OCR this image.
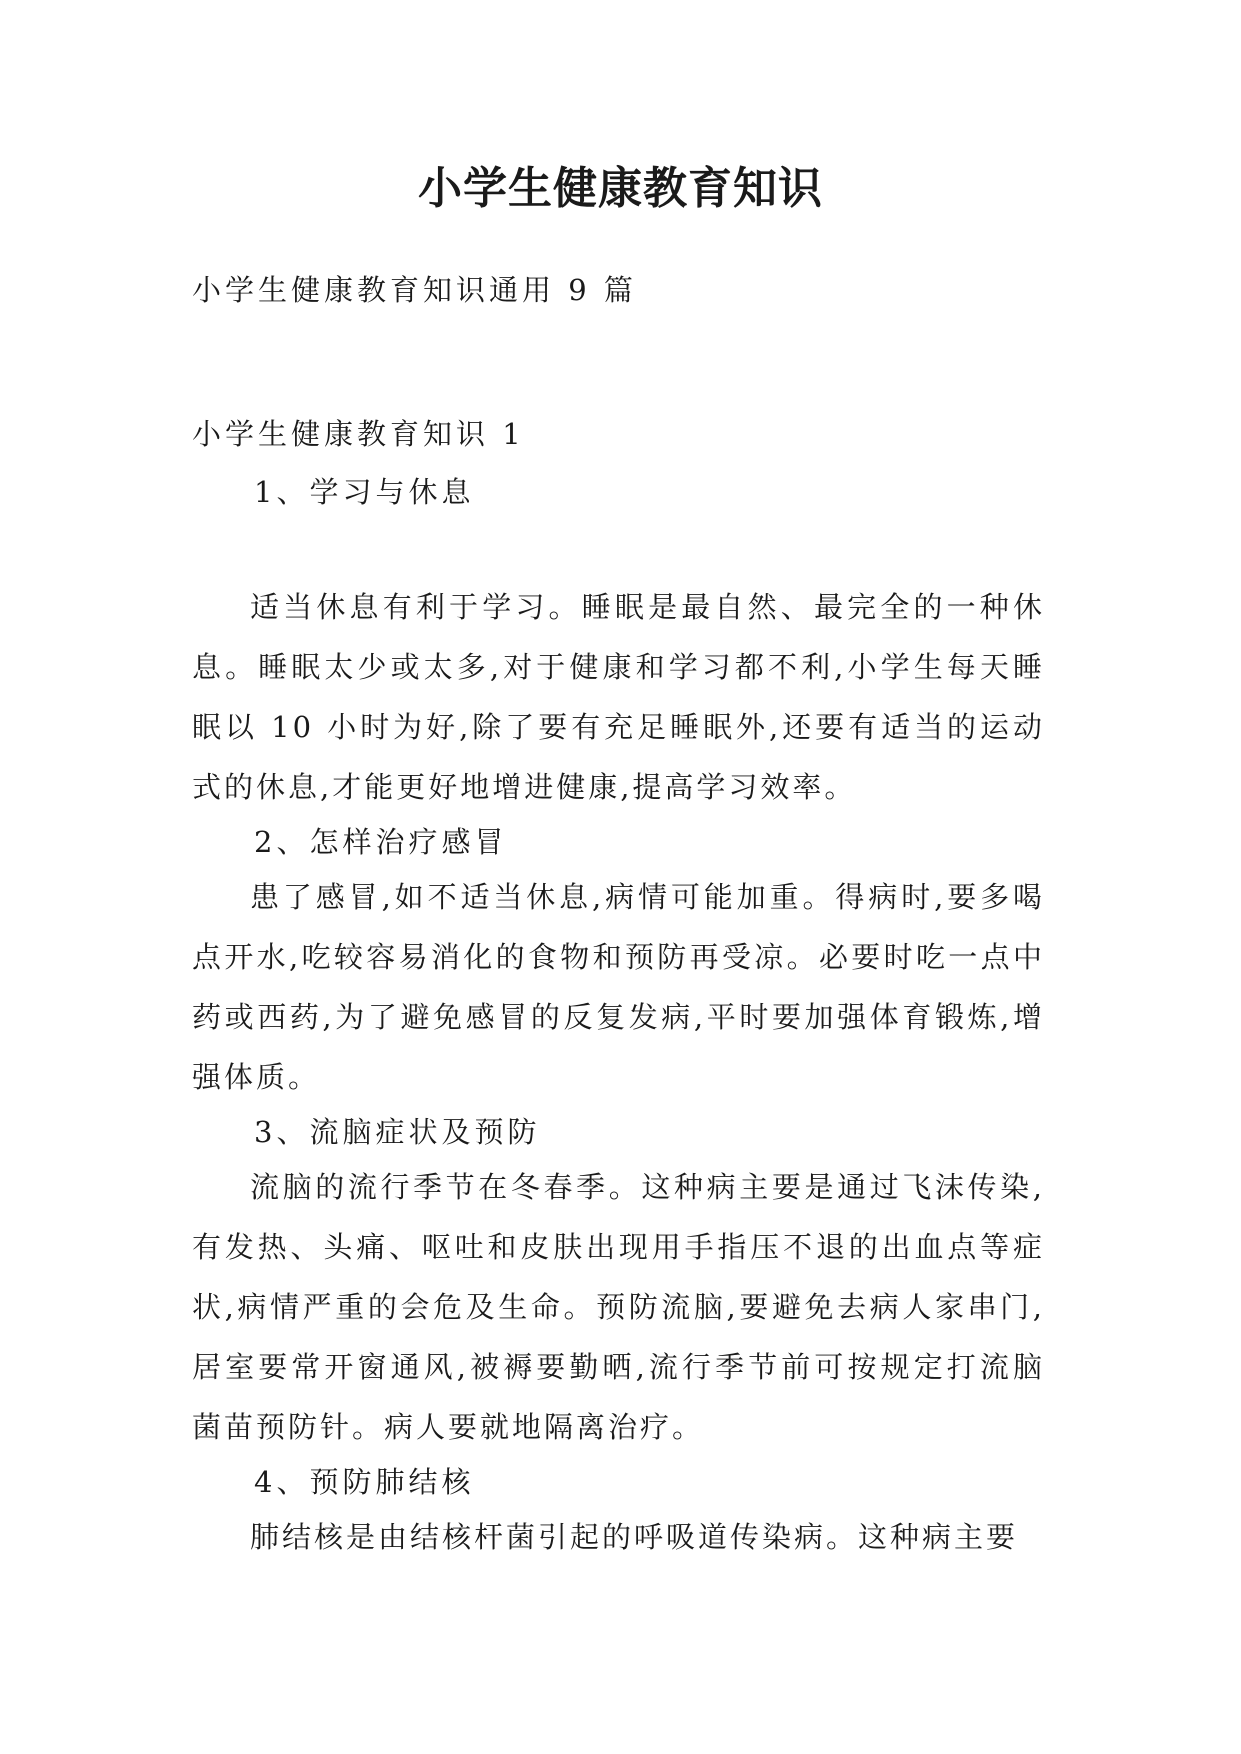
小学生健康教育知识

小学生健康教育知识通用 9 篇

小学生健康教育知识 1

1、学习与休息

适当休息有利于学习。睡眠是最自然、最完全的一种休息。睡眠太少或太多,对于健康和学习都不利,小学生每天睡眠以 10 小时为好,除了要有充足睡眠外,还要有适当的运动式的休息,才能更好地增进健康,提高学习效率。

2、怎样治疗感冒

患了感冒,如不适当休息,病情可能加重。得病时,要多喝点开水,吃较容易消化的食物和预防再受凉。必要时吃一点中药或西药,为了避免感冒的反复发病,平时要加强体育锻炼,增强体质。

3、流脑症状及预防

流脑的流行季节在冬春季。这种病主要是通过飞沫传染,有发热、头痛、呕吐和皮肤出现用手指压不退的出血点等症状,病情严重的会危及生命。预防流脑,要避免去病人家串门,居室要常开窗通风,被褥要勤晒,流行季节前可按规定打流脑菌苗预防针。病人要就地隔离治疗。

4、预防肺结核

肺结核是由结核杆菌引起的呼吸道传染病。这种病主要
